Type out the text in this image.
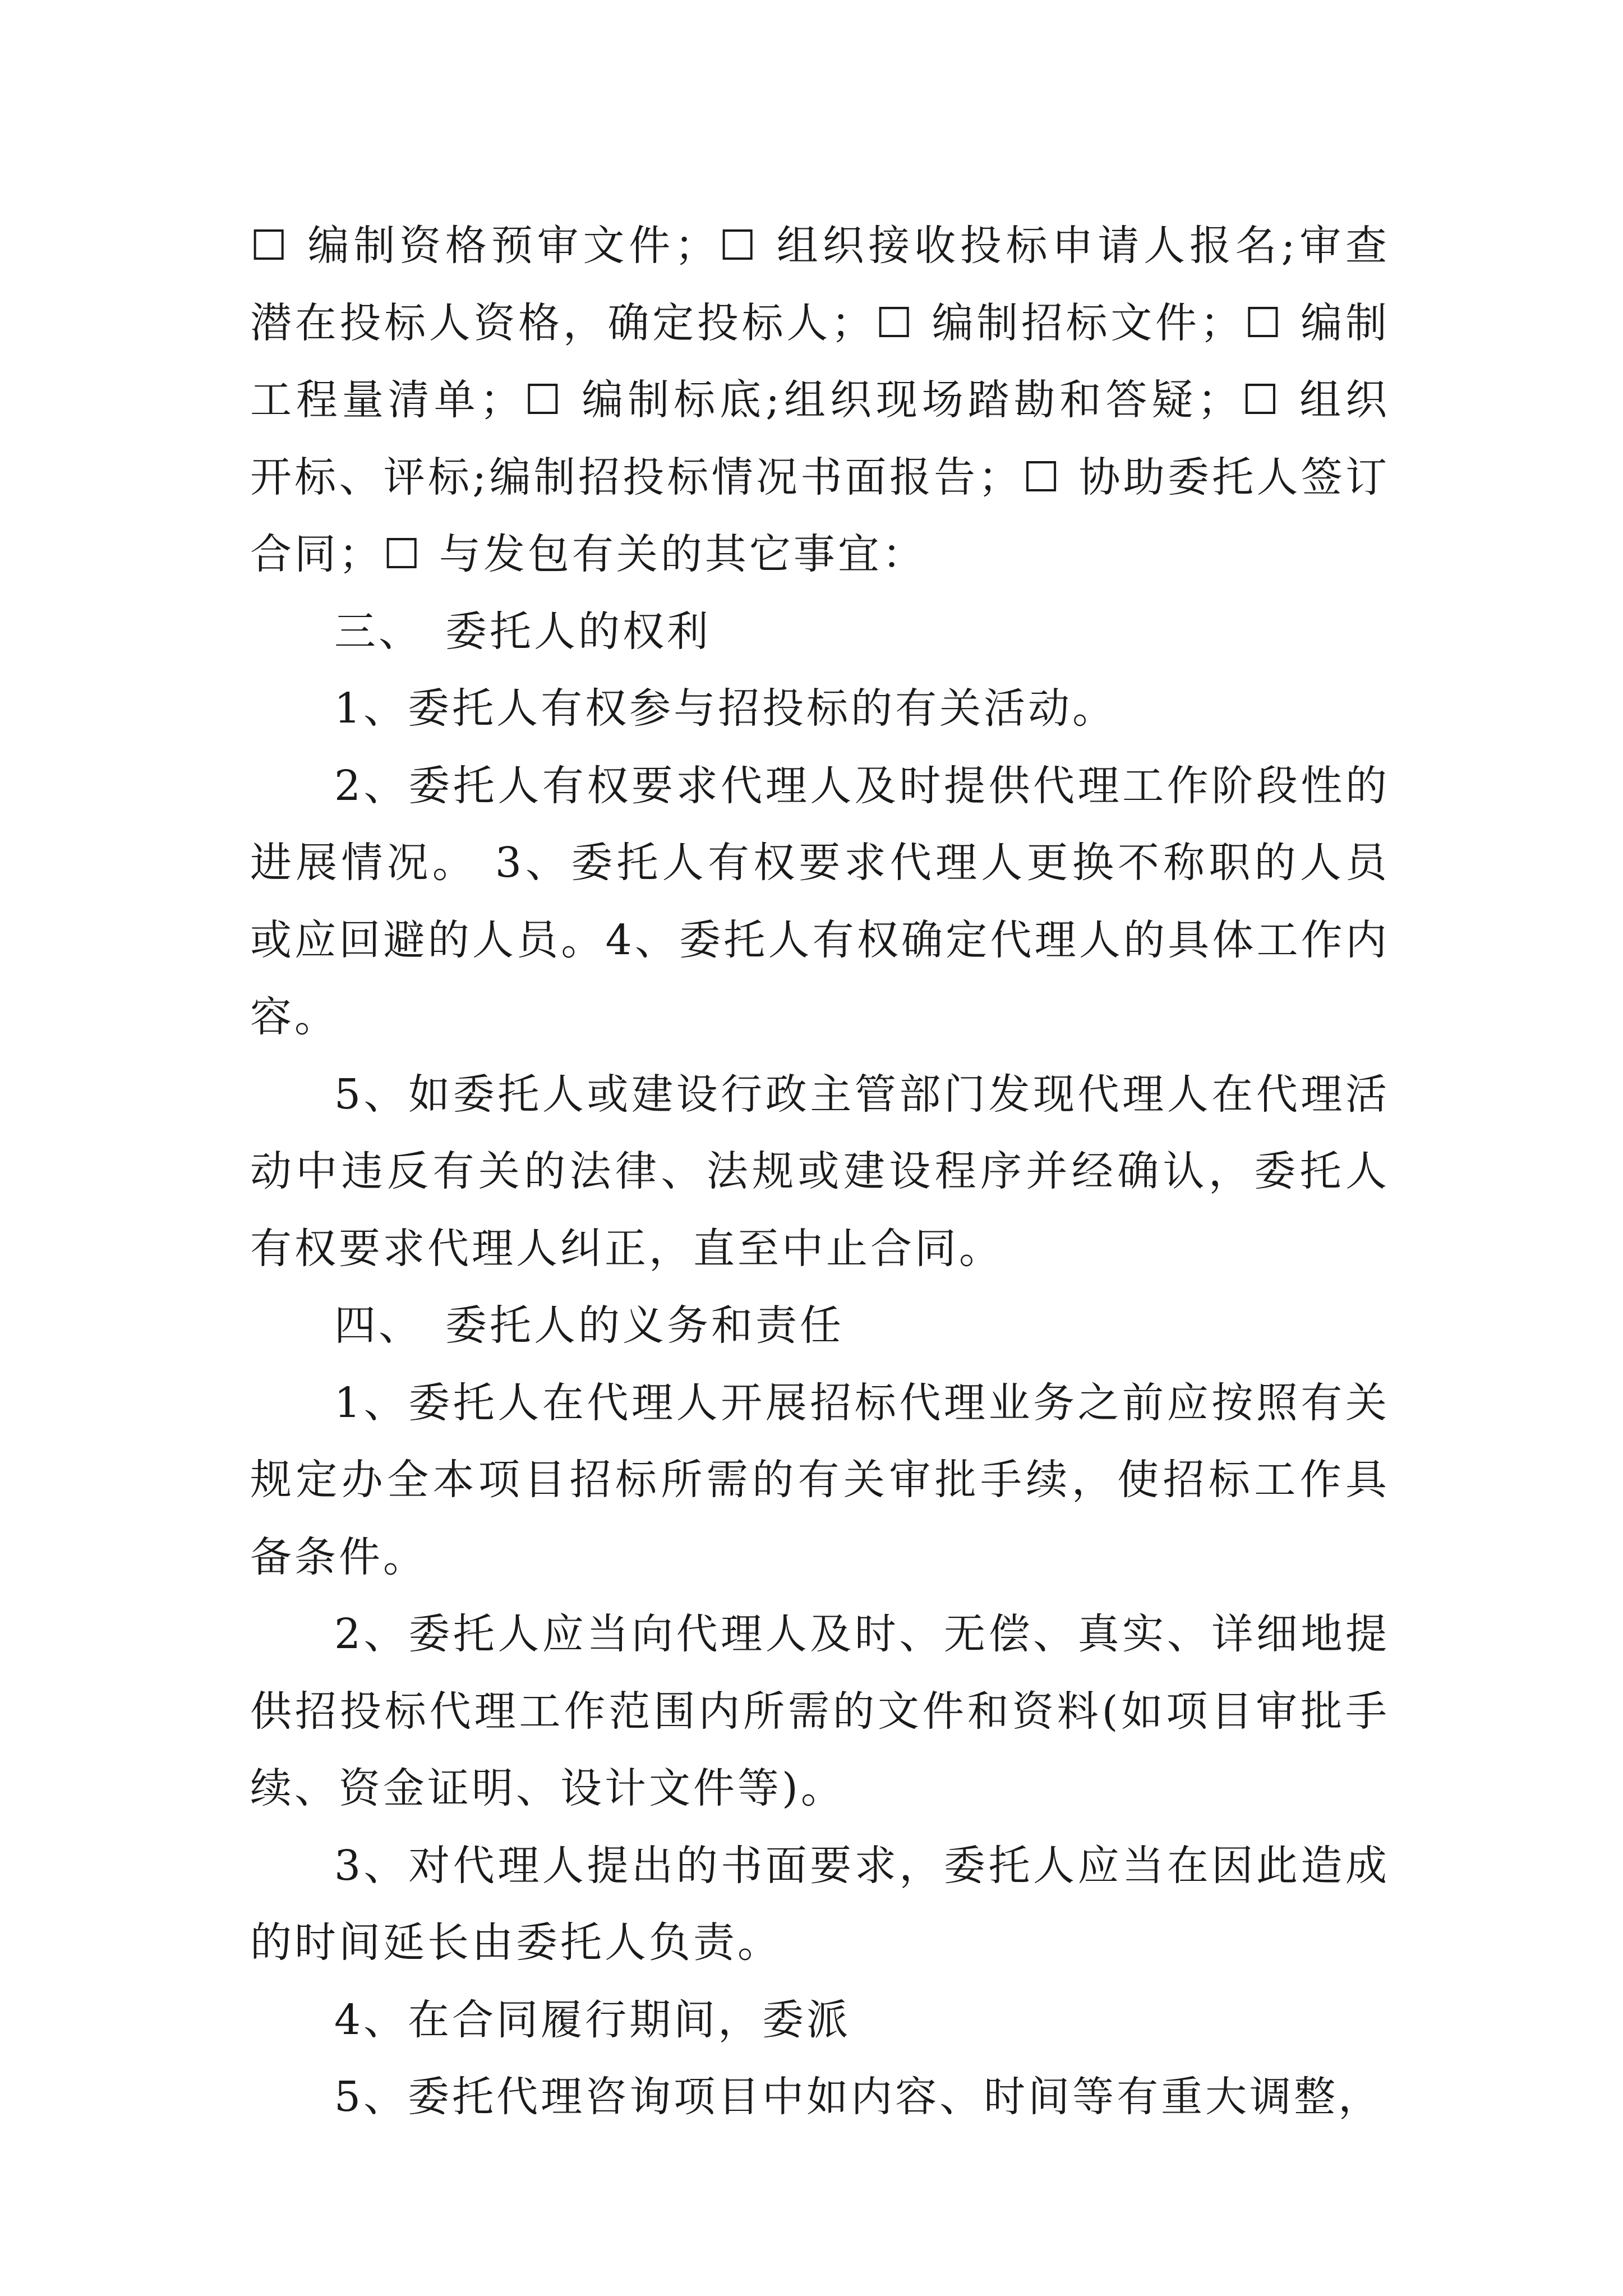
☐ 编制资格预审文件；☐ 组织接收投标申请人报名;审查潜在投标人资格，确定投标人；☐ 编制招标文件；☐ 编制工程量清单；☐ 编制标底;组织现场踏勘和答疑；☐ 组织开标、评标;编制招投标情况书面报告；☐ 协助委托人签订合同；☐ 与发包有关的其它事宜：

三、 委托人的权利

1、委托人有权参与招投标的有关活动。

2、委托人有权要求代理人及时提供代理工作阶段性的进展情况。 3、委托人有权要求代理人更换不称职的人员或应回避的人员。4、委托人有权确定代理人的具体工作内容。

5、如委托人或建设行政主管部门发现代理人在代理活动中违反有关的法律、法规或建设程序并经确认，委托人有权要求代理人纠正，直至中止合同。

四、 委托人的义务和责任

1、委托人在代理人开展招标代理业务之前应按照有关规定办全本项目招标所需的有关审批手续，使招标工作具备条件。

2、委托人应当向代理人及时、无偿、真实、详细地提供招投标代理工作范围内所需的文件和资料(如项目审批手续、资金证明、设计文件等)。

3、对代理人提出的书面要求，委托人应当在因此造成的时间延长由委托人负责。

4、在合同履行期间，委派

5、委托代理咨询项目中如内容、时间等有重大调整，
